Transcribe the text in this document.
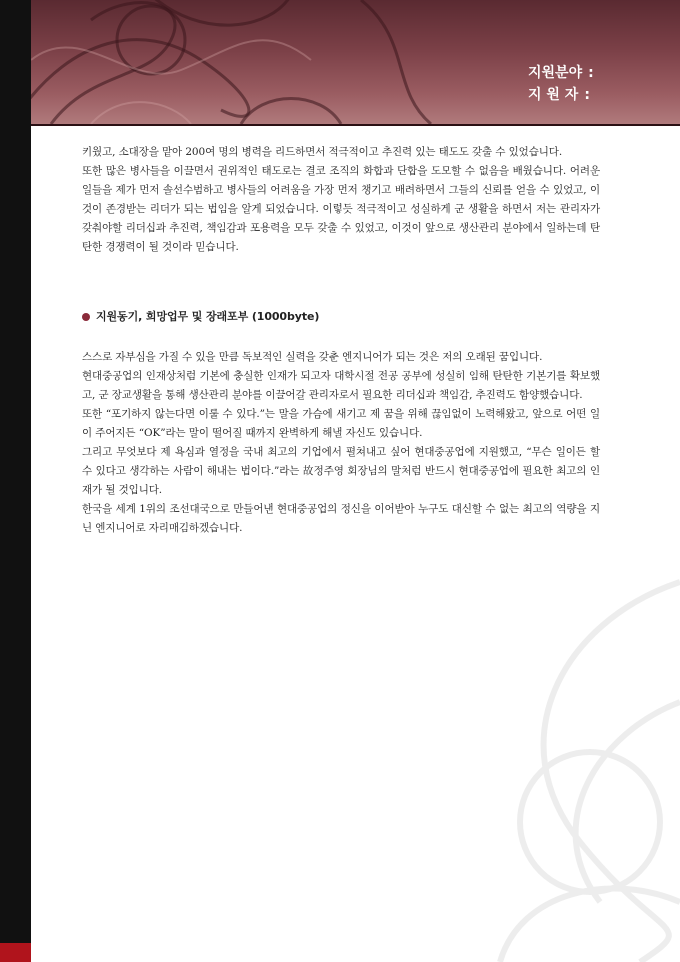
지원분야 :
지 원 자 :

키웠고, 소대장을 맡아 200여 명의 병력을 리드하면서 적극적이고 추진력 있는 태도도 갖출 수 있었습니다.

또한 많은 병사들을 이끌면서 권위적인 태도로는 결코 조직의 화합과 단합을 도모할 수 없음을 배웠습니다. 어려운 일들을 제가 먼저 솔선수범하고 병사들의 어려움을 가장 먼저 챙기고 배려하면서 그들의 신뢰를 얻을 수 있었고, 이것이 존경받는 리더가 되는 법임을 알게 되었습니다. 이렇듯 적극적이고 성실하게 군 생활을 하면서 저는 관리자가 갖춰야할 리더십과 추진력, 책임감과 포용력을 모두 갖출 수 있었고, 이것이 앞으로 생산관리 분야에서 일하는데 탄탄한 경쟁력이 될 것이라 믿습니다.

지원동기, 희망업무 및 장래포부 (1000byte)

스스로 자부심을 가질 수 있을 만큼 독보적인 실력을 갖춘 엔지니어가 되는 것은 저의 오래된 꿈입니다.

현대중공업의 인재상처럼 기본에 충실한 인재가 되고자 대학시절 전공 공부에 성실히 임해 탄탄한 기본기를 확보했고, 군 장교생활을 통해 생산관리 분야를 이끌어갈 관리자로서 필요한 리더십과 책임감, 추진력도 함양했습니다.

또한 “포기하지 않는다면 이룰 수 있다.”는 말을 가슴에 새기고 제 꿈을 위해 끊임없이 노력해왔고, 앞으로 어떤 일이 주어지든 “OK”라는 말이 떨어질 때까지 완벽하게 해낼 자신도 있습니다.

그리고 무엇보다 제 욕심과 열정을 국내 최고의 기업에서 펼쳐내고 싶어 현대중공업에 지원했고, “무슨 일이든 할 수 있다고 생각하는 사람이 해내는 법이다.”라는 故정주영 회장님의 말처럼 반드시 현대중공업에 필요한 최고의 인재가 될 것입니다.

한국을 세계 1위의 조선대국으로 만들어낸 현대중공업의 정신을 이어받아 누구도 대신할 수 없는 최고의 역량을 지닌 엔지니어로 자리매김하겠습니다.
